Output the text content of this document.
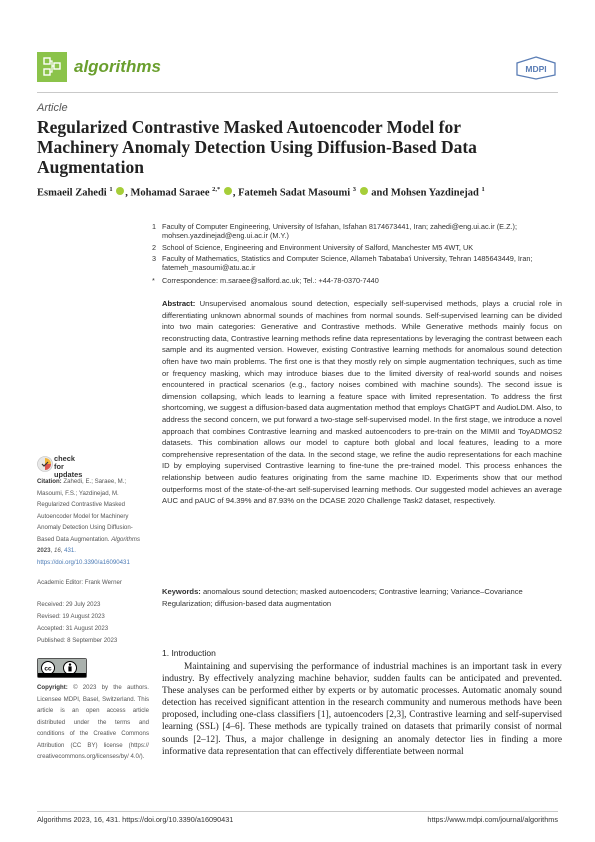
algorithms	MDPI
Article
Regularized Contrastive Masked Autoencoder Model for Machinery Anomaly Detection Using Diffusion-Based Data Augmentation
Esmaeil Zahedi $^1$ , Mohamad Saraee $^{2,*}$ , Fatemeh Sadat Masoumi $^3$  and Mohsen Yazdinejad $^1$
1 Faculty of Computer Engineering, University of Isfahan, Isfahan 8174673441, Iran; zahedi@eng.ui.ac.ir (E.Z.); mohsen.yazdinejad@eng.ui.ac.ir (M.Y.)
2 School of Science, Engineering and Environment University of Salford, Manchester M5 4WT, UK
3 Faculty of Mathematics, Statistics and Computer Science, Allameh Tabataba'i University, Tehran 1485643449, Iran; fatemeh_masoumi@atu.ac.ir
* Correspondence: m.saraee@salford.ac.uk; Tel.: +44-78-0370-7440
Abstract: Unsupervised anomalous sound detection, especially self-supervised methods, plays a crucial role in differentiating unknown abnormal sounds of machines from normal sounds. Self-supervised learning can be divided into two main categories: Generative and Contrastive methods. While Generative methods mainly focus on reconstructing data, Contrastive learning methods refine data representations by leveraging the contrast between each sample and its augmented version. However, existing Contrastive learning methods for anomalous sound detection often have two main problems. The first one is that they mostly rely on simple augmentation techniques, such as time or frequency masking, which may introduce biases due to the limited diversity of real-world sounds and noises encountered in practical scenarios (e.g., factory noises combined with machine sounds). The second issue is dimension collapsing, which leads to learning a feature space with limited representation. To address the first shortcoming, we suggest a diffusion-based data augmentation method that employs ChatGPT and AudioLDM. Also, to address the second concern, we put forward a two-stage self-supervised model. In the first stage, we introduce a novel approach that combines Contrastive learning and masked autoencoders to pre-train on the MIMII and ToyADMOS2 datasets. This combination allows our model to capture both global and local features, leading to a more comprehensive representation of the data. In the second stage, we refine the audio representations for each machine ID by employing supervised Contrastive learning to fine-tune the pre-trained model. This process enhances the relationship between audio features originating from the same machine ID. Experiments show that our method outperforms most of the state-of-the-art self-supervised learning methods. Our suggested model achieves an average AUC and pAUC of 94.39% and 87.93% on the DCASE 2020 Challenge Task2 dataset, respectively.
Keywords: anomalous sound detection; masked autoencoders; Contrastive learning; Variance–Covariance Regularization; diffusion-based data augmentation
check for
updates
Citation: Zahedi, E.; Saraee, M.; Masoumi, F.S.; Yazdinejad, M. Regularized Contrastive Masked Autoencoder Model for Machinery Anomaly Detection Using Diffusion-Based Data Augmentation. Algorithms 2023, 16, 431. https://doi.org/10.3390/a16090431
Academic Editor: Frank Werner
Received: 29 July 2023
Revised: 19 August 2023
Accepted: 31 August 2023
Published: 8 September 2023
cc
Copyright: © 2023 by the authors. Licensee MDPI, Basel, Switzerland. This article is an open access article distributed under the terms and conditions of the Creative Commons Attribution (CC BY) license (https:// creativecommons.org/licenses/by/ 4.0/).
1. Introduction
Maintaining and supervising the performance of industrial machines is an important task in every industry. By effectively analyzing machine behavior, sudden faults can be anticipated and prevented. These analyses can be performed either by experts or by automatic processes. Automatic anomaly sound detection has received significant attention in the research community and numerous methods have been proposed, including one-class classifiers [1], autoencoders [2,3], Contrastive learning and self-supervised learning (SSL) [4–6]. These methods are typically trained on datasets that primarily consist of normal sounds [2–12]. Thus, a major challenge in designing an anomaly detector lies in finding a more informative data representation that can effectively differentiate between normal
Algorithms 2023, 16, 431. https://doi.org/10.3390/a16090431	https://www.mdpi.com/journal/algorithms
